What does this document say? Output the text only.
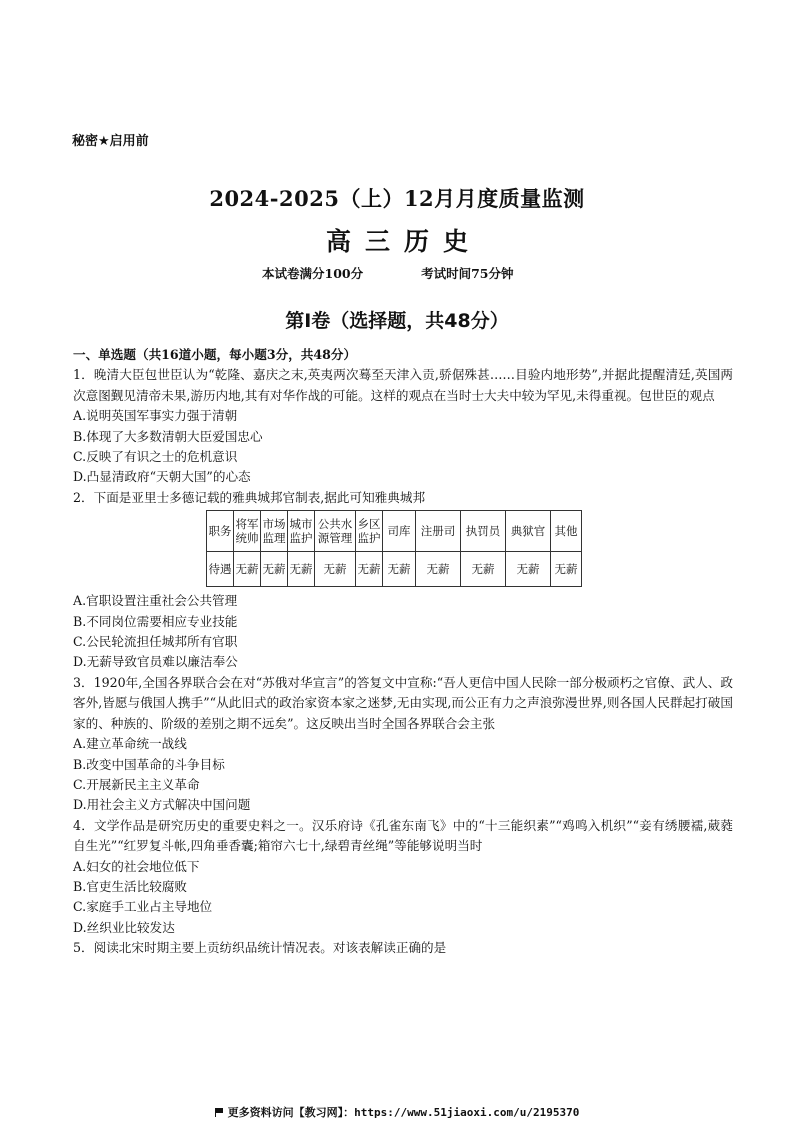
秘密★启用前
2024-2025（上）12月月度质量监测
高三历史
本试卷满分100分	考试时间75分钟
第I卷（选择题，共48分）
一、单选题（共16道小题，每小题3分，共48分）

1．晚清大臣包世臣认为“乾隆、嘉庆之末,英夷两次蓦至天津入贡,骄倨殊甚……目验内地形势”,并据此提醒清廷,英国两次意图觐见清帝未果,游历内地,其有对华作战的可能。这样的观点在当时士大夫中较为罕见,未得重视。包世臣的观点

A.说明英国军事实力强于清朝
B.体现了大多数清朝大臣爱国忠心
C.反映了有识之士的危机意识
D.凸显清政府“天朝大国”的心态

2．下面是亚里士多德记载的雅典城邦官制表,据此可知雅典城邦

职务	将军统帅	市场监理	城市监护	公共水源管理	乡区监护	司库	注册司	执罚员	典狱官	其他
待遇	无薪	无薪	无薪	无薪	无薪	无薪	无薪	无薪	无薪	无薪
A.官职设置注重社会公共管理
B.不同岗位需要相应专业技能
C.公民轮流担任城邦所有官职
D.无薪导致官员难以廉洁奉公

3．1920年,全国各界联合会在对“苏俄对华宣言”的答复文中宣称:“吾人更信中国人民除一部分极顽朽之官僚、武人、政客外,皆愿与俄国人携手”“从此旧式的政治家资本家之迷梦,无由实现,而公正有力之声浪弥漫世界,则各国人民群起打破国家的、种族的、阶级的差别之期不远矣”。这反映出当时全国各界联合会主张

A.建立革命统一战线
B.改变中国革命的斗争目标
C.开展新民主主义革命
D.用社会主义方式解决中国问题

4．文学作品是研究历史的重要史料之一。汉乐府诗《孔雀东南飞》中的“十三能织素”“鸡鸣入机织”“妾有绣腰襦,葳蕤自生光”“红罗复斗帐,四角垂香囊;箱帘六七十,绿碧青丝绳”等能够说明当时

A.妇女的社会地位低下
B.官吏生活比较腐败
C.家庭手工业占主导地位
D.丝织业比较发达

5．阅读北宋时期主要上贡纺织品统计情况表。对该表解读正确的是

更多资料访问【教习网】：https://www.51jiaoxi.com/u/2195370
